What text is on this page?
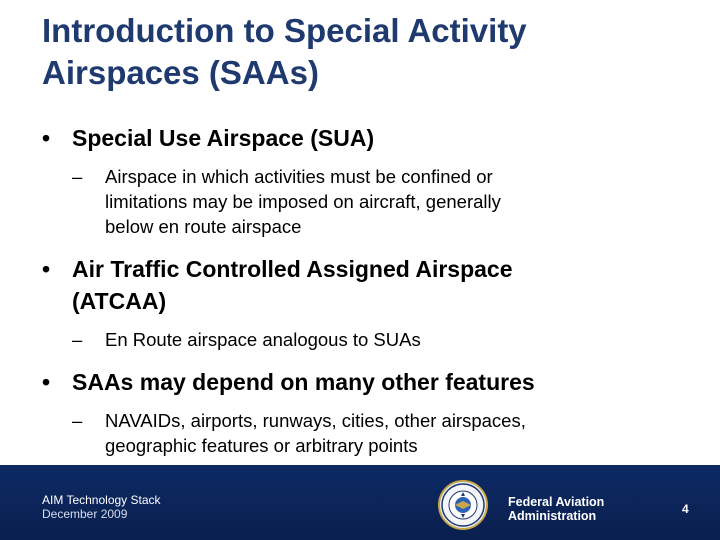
Introduction to Special Activity
Airspaces (SAAs)
• Special Use Airspace (SUA)
– Airspace in which activities must be confined or
limitations may be imposed on aircraft, generally
below en route airspace
• Air Traffic Controlled Assigned Airspace
(ATCAA)
– En Route airspace analogous to SUAs
• SAAs may depend on many other features
– NAVAIDs, airports, runways, cities, other airspaces,
geographic features or arbitrary points
AIM Technology Stack
December 2009
Federal Aviation
Administration	4
